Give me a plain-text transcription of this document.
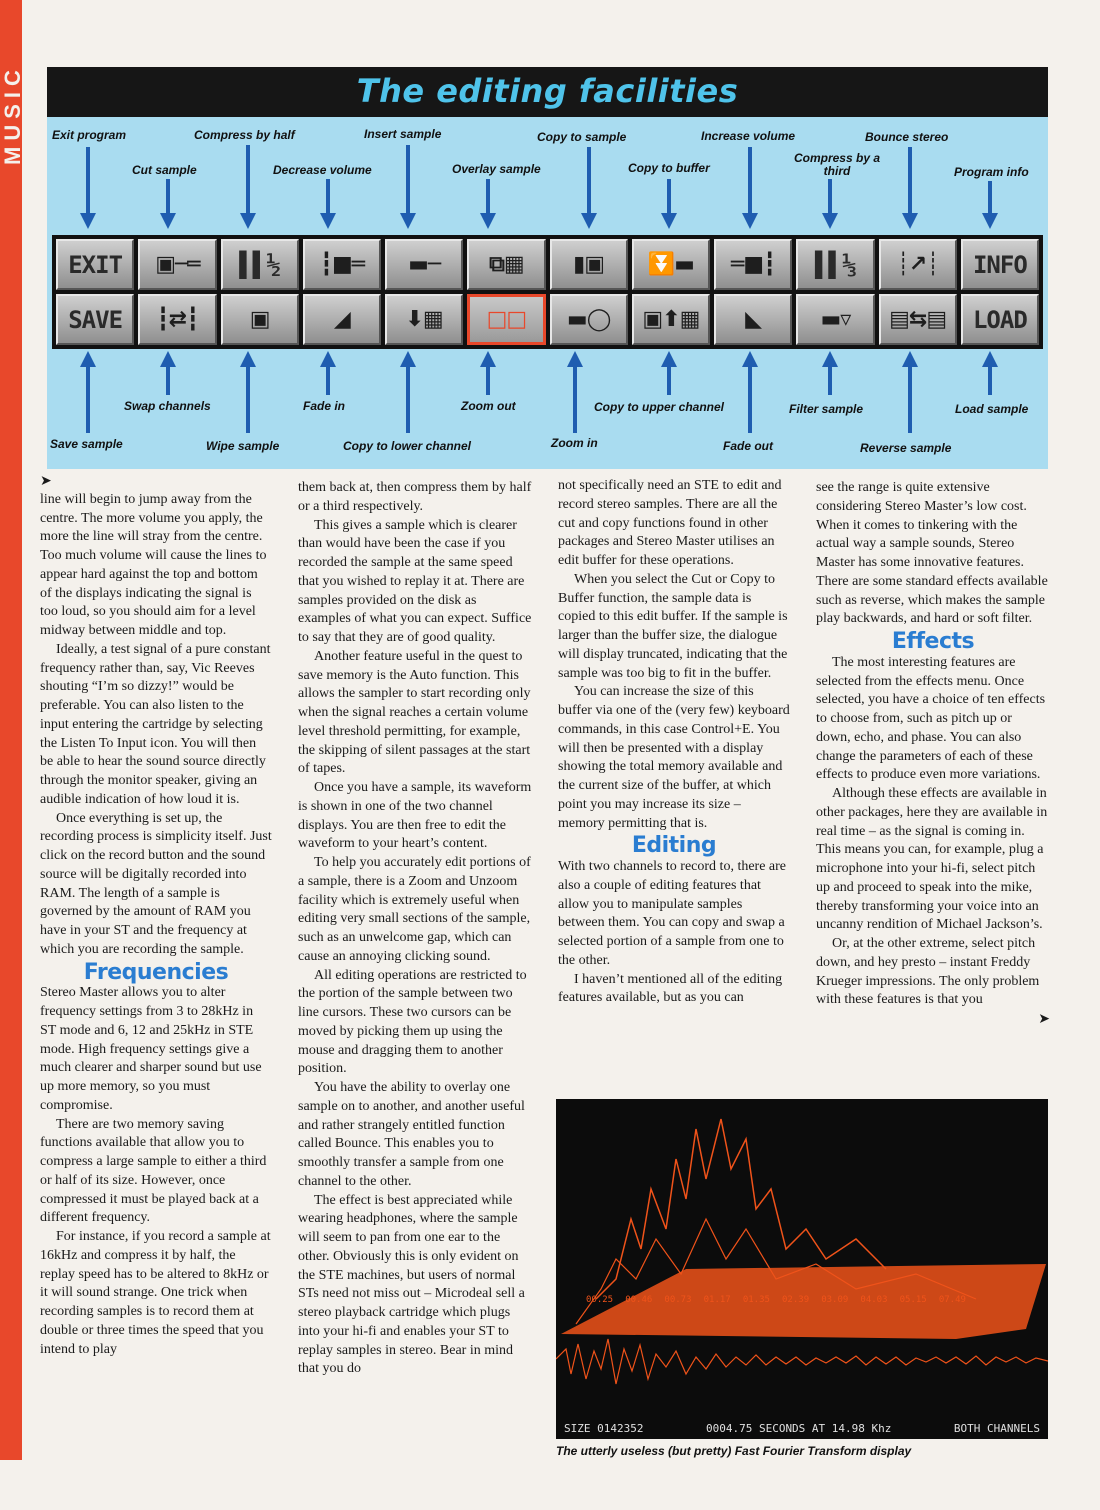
MUSIC	The editing facilities
Exit program
Cut sample
Compress by half
Decrease volume
Insert sample
Overlay sample
Copy to sample
Copy to buffer
Increase volume
Compress by a third
Bounce stereo
Program info
EXIT	▣─═	▌▌½	┇■═ ▬─ ⧉▦ ▮▣ ⏬▬ ═■┇	▌▌⅓	┊↗┊	INFO
SAVE	┇⇄┇ ▣	◢	⬇▦ □□ ▬◯ ▣⬆▦ ◣	▬▿ ▤⇆▤	LOAD
Save sample
Swap channels
Wipe sample
Fade in
Copy to lower channel
Zoom out
Zoom in
Copy to upper channel
Fade out
Filter sample
Reverse sample
Load sample
➤

line will begin to jump away from the centre. The more volume you apply, the more the line will stray from the centre. Too much volume will cause the lines to appear hard against the top and bottom of the displays indicating the signal is too loud, so you should aim for a level midway between middle and top.

Ideally, a test signal of a pure constant frequency rather than, say, Vic Reeves shouting “I’m so dizzy!” would be preferable. You can also listen to the input entering the cartridge by selecting the Listen To Input icon. You will then be able to hear the sound source directly through the monitor speaker, giving an audible indication of how loud it is.

Once everything is set up, the recording process is simplicity itself. Just click on the record button and the sound source will be digitally recorded into RAM. The length of a sample is governed by the amount of RAM you have in your ST and the frequency at which you are recording the sample.

Frequencies

Stereo Master allows you to alter frequency settings from 3 to 28kHz in ST mode and 6, 12 and 25kHz in STE mode. High frequency settings give a much clearer and sharper sound but use up more memory, so you must compromise.

There are two memory saving functions available that allow you to compress a large sample to either a third or half of its size. However, once compressed it must be played back at a different frequency.

For instance, if you record a sample at 16kHz and compress it by half, the replay speed has to be altered to 8kHz or it will sound strange. One trick when recording samples is to record them at double or three times the speed that you intend to play

them back at, then compress them by half or a third respectively.

This gives a sample which is clearer than would have been the case if you recorded the sample at the same speed that you wished to replay it at. There are samples provided on the disk as examples of what you can expect. Suffice to say that they are of good quality.

Another feature useful in the quest to save memory is the Auto function. This allows the sampler to start recording only when the signal reaches a certain volume level threshold permitting, for example, the skipping of silent passages at the start of tapes.

Once you have a sample, its waveform is shown in one of the two channel displays. You are then free to edit the waveform to your heart’s content.

To help you accurately edit portions of a sample, there is a Zoom and Unzoom facility which is extremely useful when editing very small sections of the sample, such as an unwelcome gap, which can cause an annoying clicking sound.

All editing operations are restricted to the portion of the sample between two line cursors. These two cursors can be moved by picking them up using the mouse and dragging them to another position.

You have the ability to overlay one sample on to another, and another useful and rather strangely entitled function called Bounce. This enables you to smoothly transfer a sample from one channel to the other.

The effect is best appreciated while wearing headphones, where the sample will seem to pan from one ear to the other. Obviously this is only evident on the STE machines, but users of normal STs need not miss out – Microdeal sell a stereo playback cartridge which plugs into your hi-fi and enables your ST to replay samples in stereo. Bear in mind that you do

not specifically need an STE to edit and record stereo samples. There are all the cut and copy functions found in other packages and Stereo Master utilises an edit buffer for these operations.

When you select the Cut or Copy to Buffer function, the sample data is copied to this edit buffer. If the sample is larger than the buffer size, the dialogue will display truncated, indicating that the sample was too big to fit in the buffer.

You can increase the size of this buffer via one of the (very few) keyboard commands, in this case Control+E. You will then be presented with a display showing the total memory available and the current size of the buffer, at which point you may increase its size – memory permitting that is.

Editing

With two channels to record to, there are also a couple of editing features that allow you to manipulate samples between them. You can copy and swap a selected portion of a sample from one to the other.

I haven’t mentioned all of the editing features available, but as you can

see the range is quite extensive considering Stereo Master’s low cost. When it comes to tinkering with the actual way a sample sounds, Stereo Master has some innovative features. There are some standard effects available such as reverse, which makes the sample play backwards, and hard or soft filter.

Effects

The most interesting features are selected from the effects menu. Once selected, you have a choice of ten effects to choose from, such as pitch up or down, echo, and phase. You can also change the parameters of each of these effects to produce even more variations.

Although these effects are available in other packages, here they are available in real time – as the signal is coming in. This means you can, for example, plug a microphone into your hi-fi, select pitch up and proceed to speak into the mike, thereby transforming your voice into an uncanny rendition of Michael Jackson’s.

Or, at the other extreme, select pitch down, and hey presto – instant Freddy Krueger impressions. The only problem with these features is that you

➤
00.25 00.46 00.73 01.17 01.35 02.39 03.09 04.03 05.15 07.49
SIZE 0142352	0004.75 SECONDS AT 14.98 Khz	BOTH CHANNELS
The utterly useless (but pretty) Fast Fourier Transform display
